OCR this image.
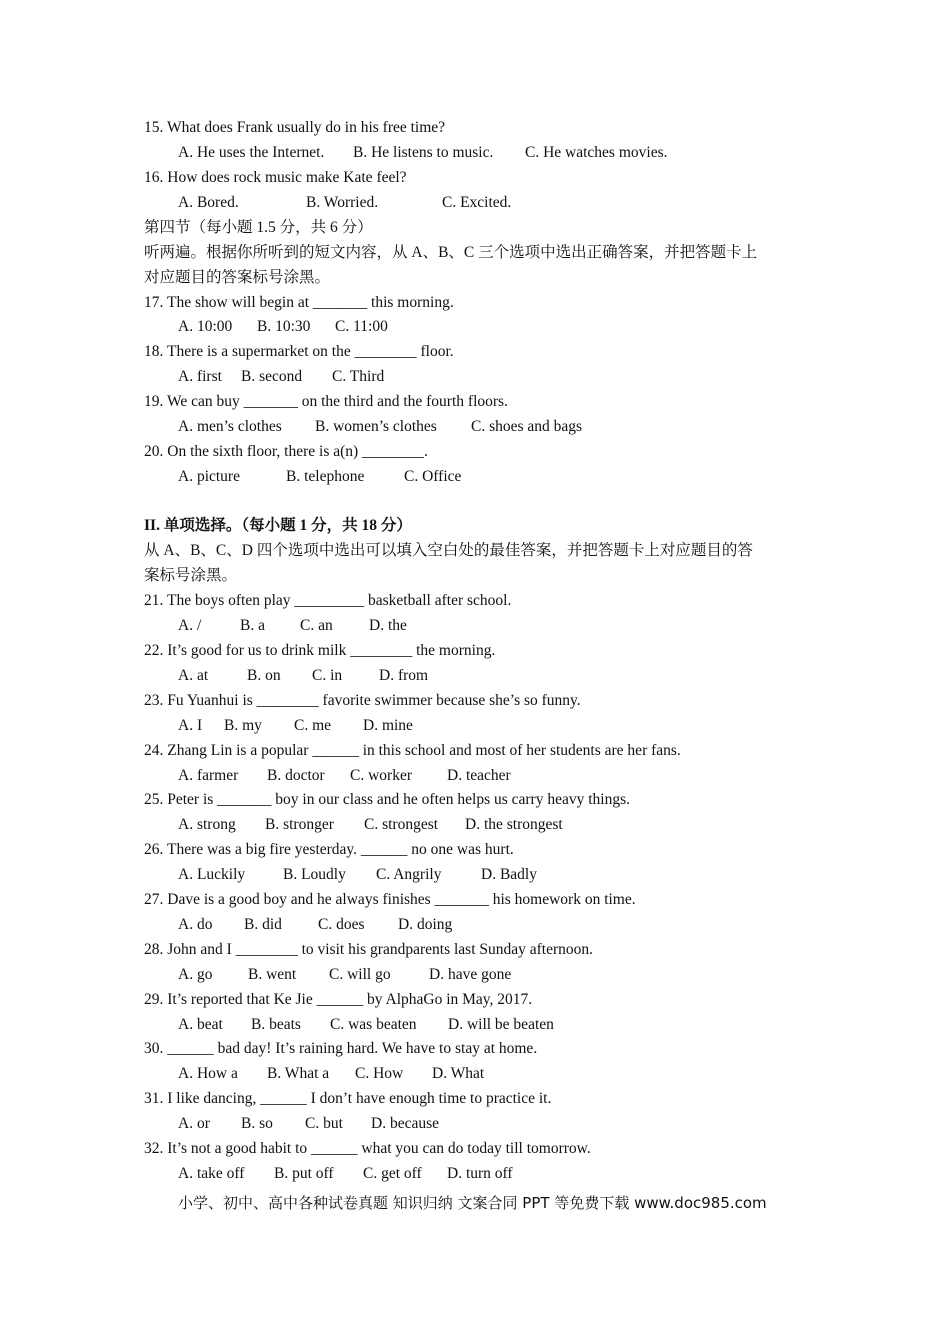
15. What does Frank usually do in his free time?
A. He uses the Internet. B. He listens to music. C. He watches movies.
16. How does rock music make Kate feel?
A. Bored.	B. Worried.	C. Excited.
第四节（每小题 1.5 分，共 6 分）
听两遍。根据你所听到的短文内容，从 A、B、C 三个选项中选出正确答案，并把答题卡上
对应题目的答案标号涂黑。
17. The show will begin at _______ this morning.
A. 10:00 B. 10:30 C. 11:00
18. There is a supermarket on the ________ floor.
A. first B. second C. Third
19. We can buy _______ on the third and the fourth floors.
A. men’s clothes B. women’s clothes C. shoes and bags
20. On the sixth floor, there is a(n) ________.
A. picture	B. telephone	C. Office
II. 单项选择。（每小题 1 分，共 18 分）
从 A、B、C、D 四个选项中选出可以填入空白处的最佳答案，并把答题卡上对应题目的答
案标号涂黑。
21. The boys often play _________ basketball after school.
A. /	B. a C. an D. the
22. It’s good for us to drink milk ________ the morning.
A. at	B. on C. in D. from
23. Fu Yuanhui is ________ favorite swimmer because she’s so funny.
A. I B. my C. me D. mine
24. Zhang Lin is a popular ______ in this school and most of her students are her fans.
A. farmer B. doctor C. worker D. teacher
25. Peter is _______ boy in our class and he often helps us carry heavy things.
A. strong B. stronger C. strongest D. the strongest
26. There was a big fire yesterday. ______ no one was hurt.
A. Luckily B. Loudly C. Angrily	D. Badly
27. Dave is a good boy and he always finishes _______ his homework on time.
A. do B. did C. does D. doing
28. John and I ________ to visit his grandparents last Sunday afternoon.
A. go B. went C. will go D. have gone
29. It’s reported that Ke Jie ______ by AlphaGo in May, 2017.
A. beat B. beats C. was beaten D. will be beaten
30. ______ bad day! It’s raining hard. We have to stay at home.
A. How a B. What a C. How D. What
31. I like dancing, ______ I don’t have enough time to practice it.
A. or B. so C. but D. because
32. It’s not a good habit to ______ what you can do today till tomorrow.
A. take off B. put off C. get off D. turn off
小学、初中、高中各种试卷真题 知识归纳 文案合同 PPT 等免费下载 www.doc985.com
